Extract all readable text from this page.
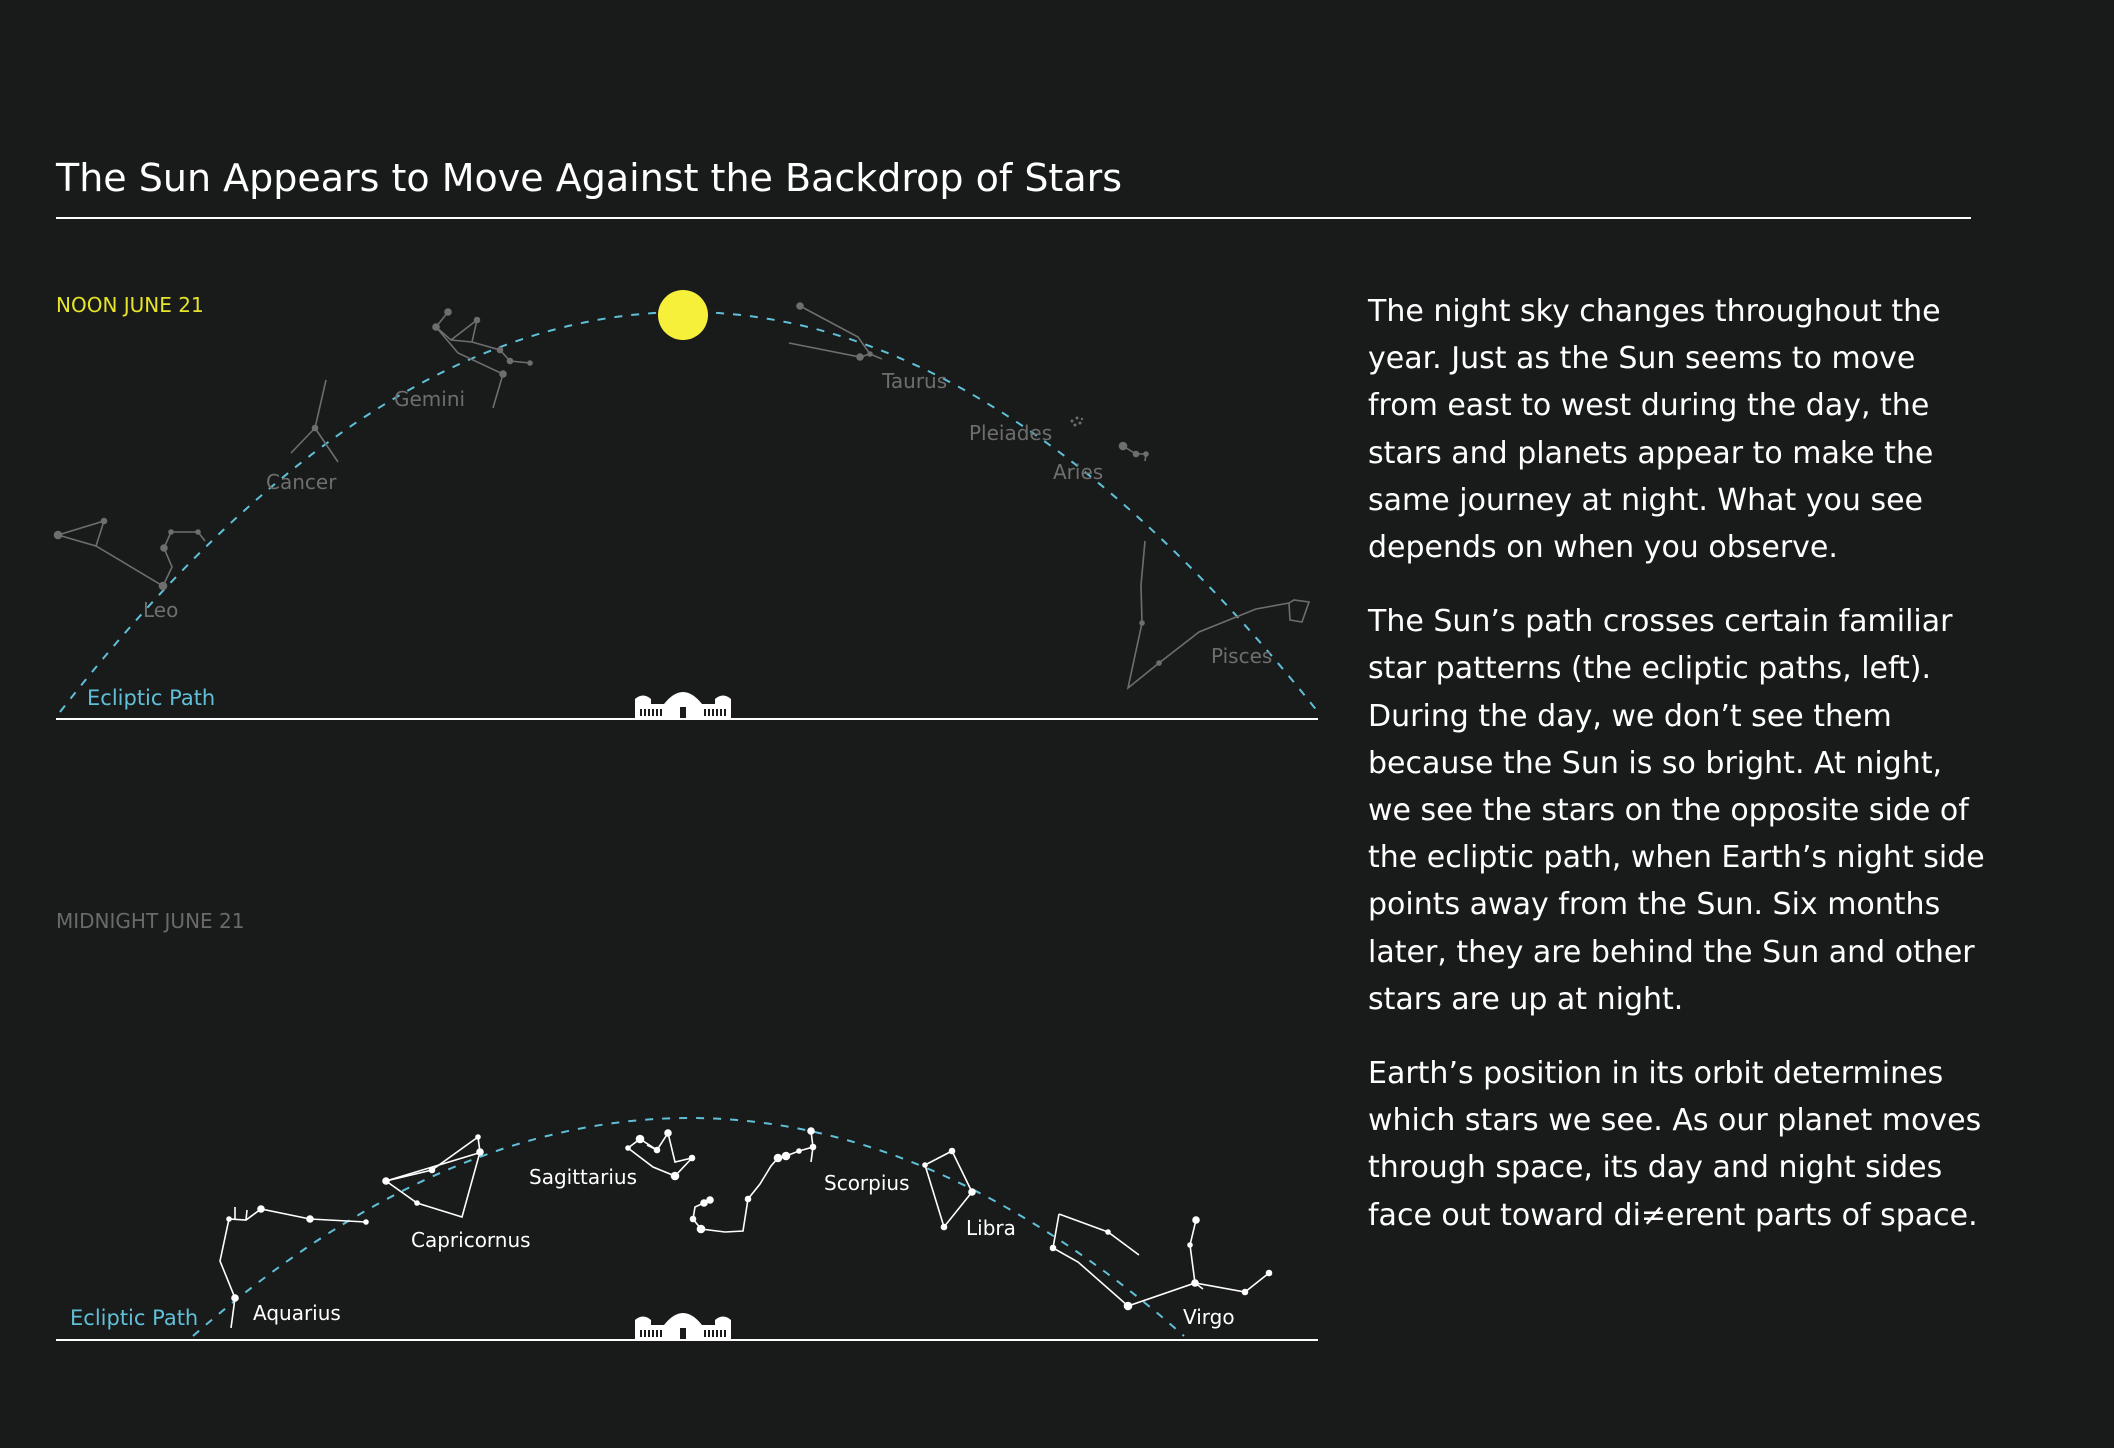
The Sun Appears to Move Against the Backdrop of Stars
NOON JUNE 21
Ecliptic Path
Leo
Cancer
Gemini
Taurus
Pleiades
Aries
Pisces
MIDNIGHT JUNE 21
Ecliptic Path	Aquarius
Capricornus
Sagittarius	Scorpius
Libra
Virgo

The night sky changes throughout the year. Just as the Sun seems to move from east to west during the day, the stars and planets appear to make the same journey at night. What you see depends on when you observe.

The Sun’s path crosses certain familiar star patterns (the ecliptic paths, left). During the day, we don’t see them because the Sun is so bright. At night, we see the stars on the opposite side of the ecliptic path, when Earth’s night side points away from the Sun. Six months later, they are behind the Sun and other stars are up at night.

Earth’s position in its orbit determines which stars we see. As our planet moves through space, its day and night sides face out toward di≠erent parts of space.
